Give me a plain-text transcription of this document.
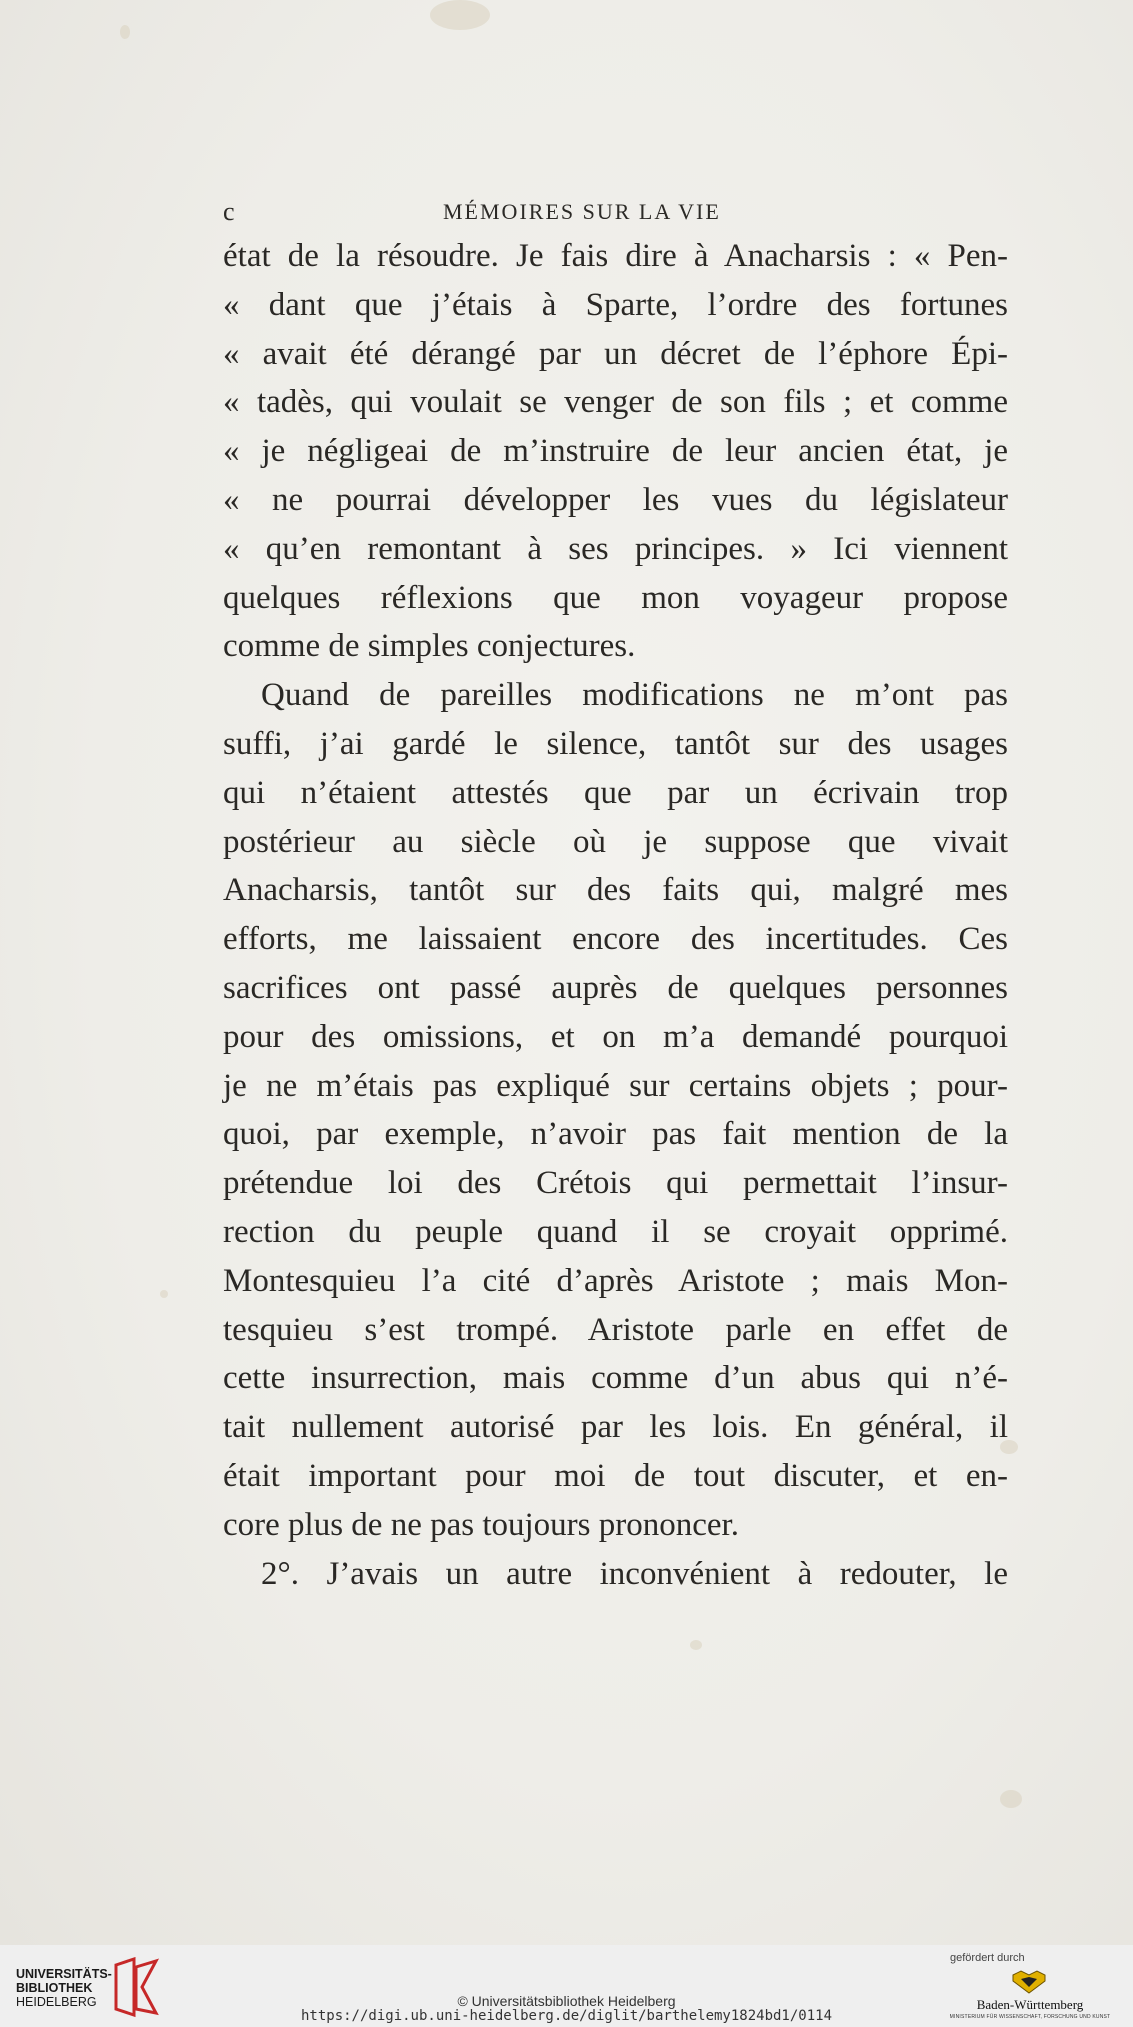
c	MÉMOIRES SUR LA VIE
état de la résoudre. Je fais dire à Anacharsis : « Pen-
« dant que j’étais à Sparte, l’ordre des fortunes
« avait été dérangé par un décret de l’éphore Épi-
« tadès, qui voulait se venger de son fils ; et comme
« je négligeai de m’instruire de leur ancien état, je
« ne pourrai développer les vues du législateur
« qu’en remontant à ses principes. » Ici viennent
quelques réflexions que mon voyageur propose
comme de simples conjectures.
Quand de pareilles modifications ne m’ont pas
suffi, j’ai gardé le silence, tantôt sur des usages
qui n’étaient attestés que par un écrivain trop
postérieur au siècle où je suppose que vivait
Anacharsis, tantôt sur des faits qui, malgré mes
efforts, me laissaient encore des incertitudes. Ces
sacrifices ont passé auprès de quelques personnes
pour des omissions, et on m’a demandé pourquoi
je ne m’étais pas expliqué sur certains objets ; pour-
quoi, par exemple, n’avoir pas fait mention de la
prétendue loi des Crétois qui permettait l’insur-
rection du peuple quand il se croyait opprimé.
Montesquieu l’a cité d’après Aristote ; mais Mon-
tesquieu s’est trompé. Aristote parle en effet de
cette insurrection, mais comme d’un abus qui n’é-
tait nullement autorisé par les lois. En général, il
était important pour moi de tout discuter, et en-
core plus de ne pas toujours prononcer.
2°. J’avais un autre inconvénient à redouter, le
UNIVERSITÄTS-
BIBLIOTHEK
HEIDELBERG	© Universitätsbibliothek Heidelberg
https://digi.ub.uni-heidelberg.de/diglit/barthelemy1824bd1/0114
gefördert durch
Baden-Württemberg
MINISTERIUM FÜR WISSENSCHAFT, FORSCHUNG UND KUNST
